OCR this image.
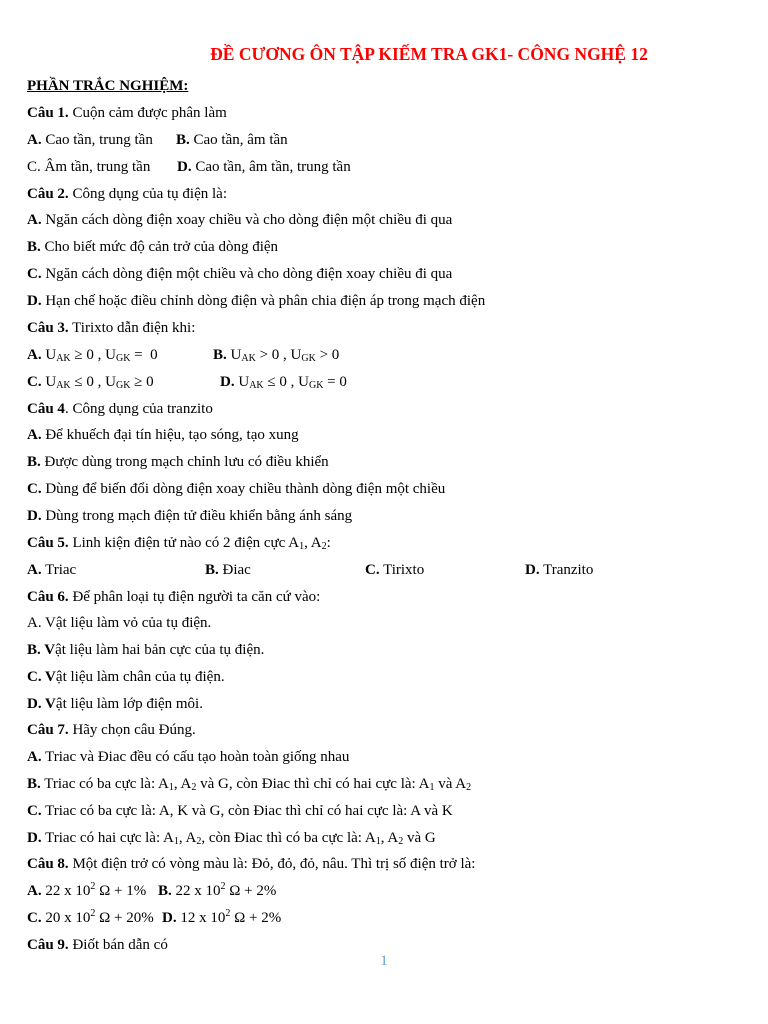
ĐỀ CƯƠNG ÔN TẬP KIẾM TRA GK1- CÔNG NGHỆ 12
PHẦN TRẮC NGHIỆM:
Câu 1. Cuộn cảm được phân làm
A. Cao tần, trung tần B. Cao tần, âm tần
C. Âm tần, trung tần D. Cao tần, âm tần, trung tần
Câu 2. Công dụng của tụ điện là:
A. Ngăn cách dòng điện xoay chiều và cho dòng điện một chiều đi qua
B. Cho biết mức độ cản trở của dòng điện
C. Ngăn cách dòng điện một chiều và cho dòng điện xoay chiều đi qua
D. Hạn chế hoặc điều chỉnh dòng điện và phân chia điện áp trong mạch điện
Câu 3. Tirixto dẫn điện khi:
A. $U_{AK} \ge 0$ , $U_{GK} = 0$	B. $U_{AK} > 0$ , $U_{GK} > 0$
C. $U_{AK} \le 0$ , $U_{GK} \ge 0$	D. $U_{AK} \le 0$ , $U_{GK} = 0$
Câu 4. Công dụng của tranzito
A. Để khuếch đại tín hiệu, tạo sóng, tạo xung
B. Được dùng trong mạch chỉnh lưu có điều khiển
C. Dùng để biến đổi dòng điện xoay chiều thành dòng điện một chiều
D. Dùng trong mạch điện tử điều khiển bằng ánh sáng
Câu 5. Linh kiện điện tử nào có 2 điện cực $A_1$, $A_2$:
A. Triac	B. Điac	C. Tirixto	D. Tranzito
Câu 6. Để phân loại tụ điện người ta căn cứ vào:
A. Vật liệu làm vỏ của tụ điện.
B. Vật liệu làm hai bản cực của tụ điện.
C. Vật liệu làm chân của tụ điện.
D. Vật liệu làm lớp điện môi.
Câu 7. Hãy chọn câu Đúng.
A. Triac và Điac đều có cấu tạo hoàn toàn giống nhau
B. Triac có ba cực là: $A_1$, $A_2$ và G, còn Điac thì chỉ có hai cực là: $A_1$ và $A_2$
C. Triac có ba cực là: A, K và G, còn Điac thì chỉ có hai cực là: A và K
D. Triac có hai cực là: $A_1$, $A_2$, còn Điac thì có ba cực là: $A_1$, $A_2$ và G
Câu 8. Một điện trở có vòng màu là: Đỏ, đỏ, đỏ, nâu. Thì trị số điện trở là:
A. 22 x $10^2$ Ω + 1% B. 22 x $10^2$ Ω + 2%
C. 20 x $10^2$ Ω + 20% D. 12 x $10^2$ Ω + 2%
Câu 9. Điốt bán dẫn có
1
